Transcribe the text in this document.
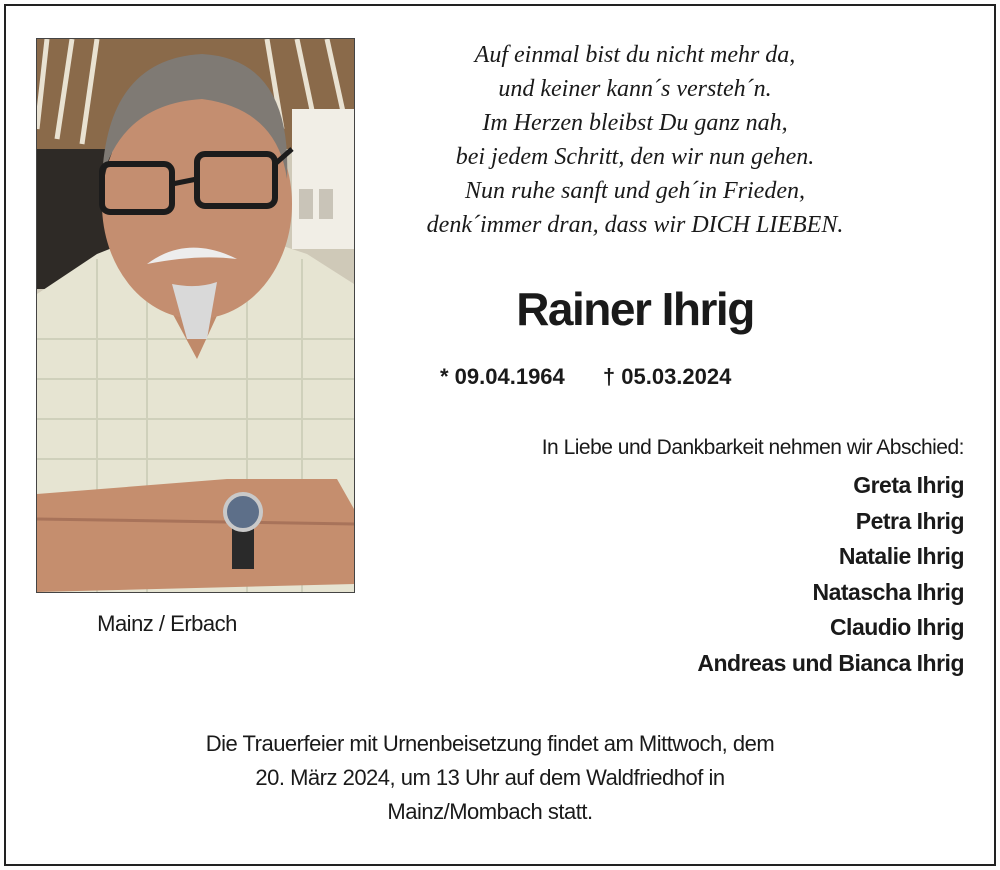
Mainz / Erbach
Auf einmal bist du nicht mehr da,
und keiner kann´s versteh´n.
Im Herzen bleibst Du ganz nah,
bei jedem Schritt, den wir nun gehen.
Nun ruhe sanft und geh´in Frieden,
denk´immer dran, dass wir DICH LIEBEN.
Rainer Ihrig
* 09.04.1964 † 05.03.2024
In Liebe und Dankbarkeit nehmen wir Abschied:
Greta Ihrig
Petra Ihrig
Natalie Ihrig
Natascha Ihrig
Claudio Ihrig
Andreas und Bianca Ihrig
Die Trauerfeier mit Urnenbeisetzung findet am Mittwoch, dem
20. März 2024, um 13 Uhr auf dem Waldfriedhof in
Mainz/Mombach statt.
